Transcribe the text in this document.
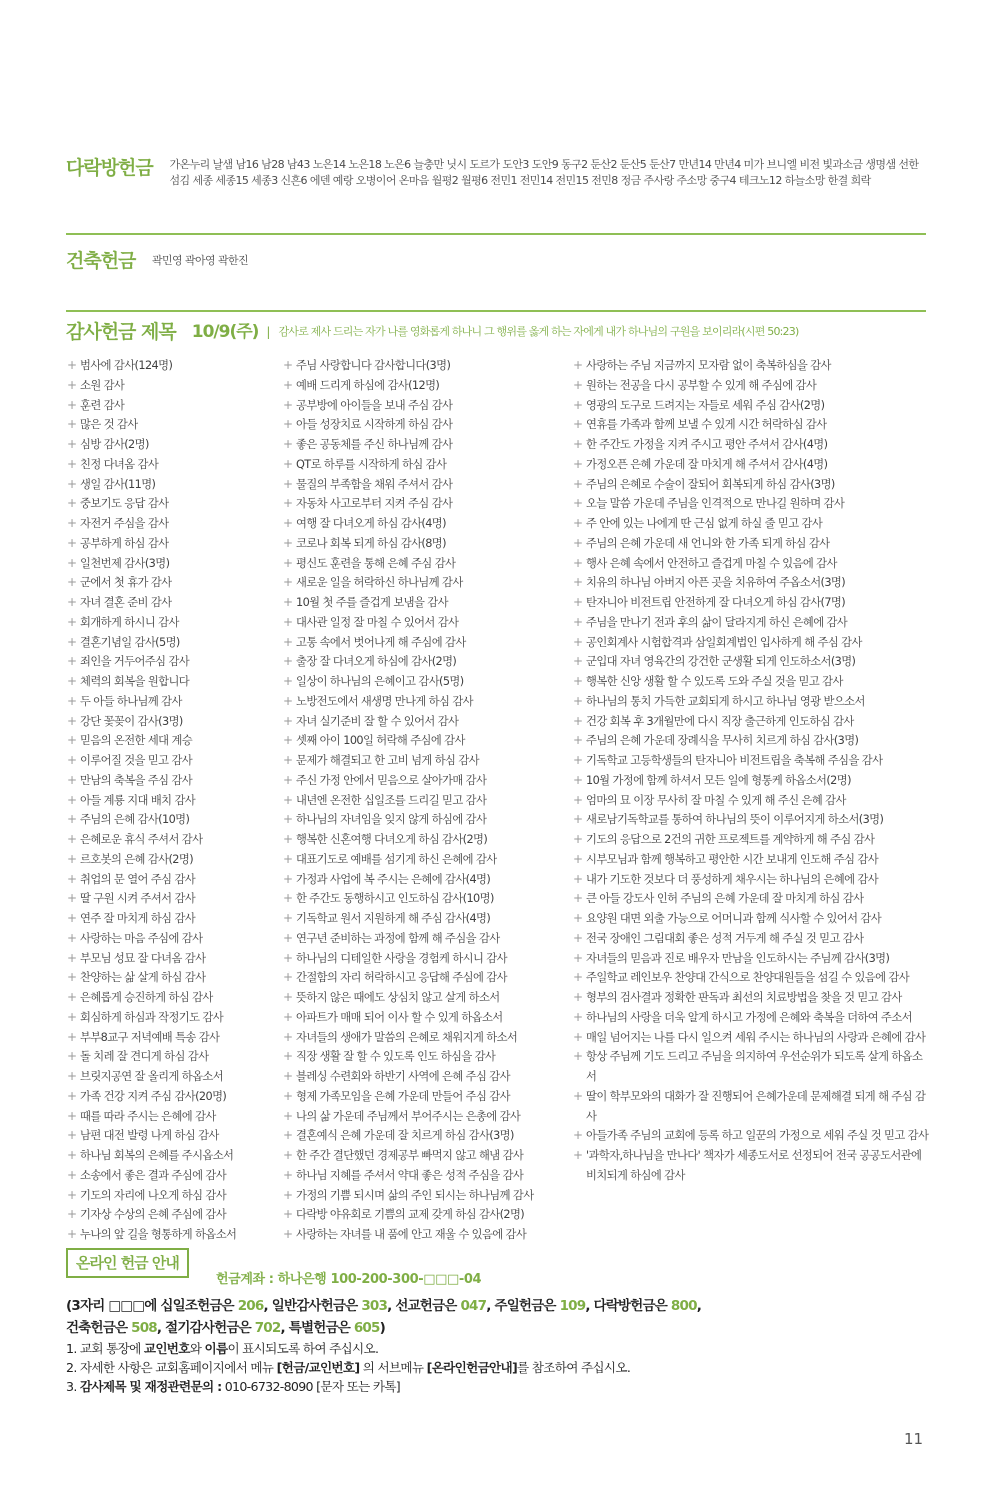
다락방헌금	가온누리 날샘 남16 남28 남43 노은14 노은18 노은6 늘충만 닛시 도르가 도안3 도안9 동구2 둔산2 둔산5 둔산7 만년14 만년4 미가 브니엘 비전 빛과소금 생명샘 선한 섬김 세종 세종15 세종3 신흔6 에덴 예랑 오병이어 온마음 월평2 월평6 전민1 전민14 전민15 전민8 정금 주사랑 주소망 중구4 테크노12 하늘소망 한결 희락
건축헌금	곽민영 곽아영 곽한진
감사헌금 제목 10/9(주) | 감사로 제사 드리는 자가 나를 영화롭게 하나니 그 행위를 옳게 하는 자에게 내가 하나님의 구원을 보이리라(시편 50:23)
+ 범사에 감사(124명)
+ 소원 감사
+ 훈련 감사
+ 많은 것 감사
+ 심방 감사(2명)
+ 친정 다녀옴 감사
+ 생일 감사(11명)
+ 중보기도 응답 감사
+ 자전거 주심을 감사
+ 공부하게 하심 감사
+ 일천번제 감사(3명)
+ 군에서 첫 휴가 감사
+ 자녀 결혼 준비 감사
+ 회개하게 하시니 감사
+ 결혼기념일 감사(5명)
+ 죄인을 거두어주심 감사
+ 체력의 회복을 원합니다
+ 두 아들 하나님께 감사
+ 강단 꽃꽂이 감사(3명)
+ 믿음의 온전한 세대 계승
+ 이루어질 것을 믿고 감사
+ 만남의 축복을 주심 감사
+ 아들 계룡 지대 배치 감사
+ 주님의 은혜 감사(10명)
+ 은혜로운 휴식 주셔서 감사
+ 르호봇의 은혜 감사(2명)
+ 취업의 문 열어 주심 감사
+ 딸 구원 시켜 주셔서 감사
+ 연주 잘 마치게 하심 감사
+ 사랑하는 마음 주심에 감사
+ 부모님 성묘 잘 다녀옴 감사
+ 찬양하는 삶 살게 하심 감사
+ 은혜롭게 승진하게 하심 감사
+ 회심하게 하심과 작정기도 감사
+ 부부8교구 저녁예배 특송 감사
+ 돌 치레 잘 견디게 하심 감사
+ 브릿지공연 잘 올리게 하옵소서
+ 가족 건강 지켜 주심 감사(20명)
+ 때를 따라 주시는 은혜에 감사
+ 남편 대전 발령 나게 하심 감사
+ 하나님 회복의 은혜를 주시옵소서
+ 소송에서 좋은 결과 주심에 감사
+ 기도의 자리에 나오게 하심 감사
+ 기자상 수상의 은혜 주심에 감사
+ 누나의 앞 길을 형통하게 하옵소서
+ 주님 사랑합니다 감사합니다(3명)
+ 예배 드리게 하심에 감사(12명)
+ 공부방에 아이들을 보내 주심 감사
+ 아들 성장치료 시작하게 하심 감사
+ 좋은 공동체를 주신 하나님께 감사
+ QT로 하루를 시작하게 하심 감사
+ 물질의 부족함을 채워 주셔서 감사
+ 자동차 사고로부터 지켜 주심 감사
+ 여행 잘 다녀오게 하심 감사(4명)
+ 코로나 회복 되게 하심 감사(8명)
+ 평신도 훈련을 통해 은혜 주심 감사
+ 새로운 일을 허락하신 하나님께 감사
+ 10월 첫 주를 즐겁게 보냄을 감사
+ 대사관 일정 잘 마칠 수 있어서 감사
+ 고통 속에서 벗어나게 해 주심에 감사
+ 출장 잘 다녀오게 하심에 감사(2명)
+ 일상이 하나님의 은혜이고 감사(5명)
+ 노방전도에서 새생명 만나게 하심 감사
+ 자녀 실기준비 잘 할 수 있어서 감사
+ 셋째 아이 100일 허락해 주심에 감사
+ 문제가 해결되고 한 고비 넘게 하심 감사
+ 주신 가정 안에서 믿음으로 살아가매 감사
+ 내년엔 온전한 십일조를 드리길 믿고 감사
+ 하나님의 자녀임을 잊지 않게 하심에 감사
+ 행복한 신혼여행 다녀오게 하심 감사(2명)
+ 대표기도로 예배를 섬기게 하신 은혜에 감사
+ 가정과 사업에 복 주시는 은혜에 감사(4명)
+ 한 주간도 동행하시고 인도하심 감사(10명)
+ 기독학교 원서 지원하게 해 주심 감사(4명)
+ 연구년 준비하는 과정에 함께 해 주심을 감사
+ 하나님의 디테일한 사랑을 경험케 하시니 감사
+ 간절함의 자리 허락하시고 응답해 주심에 감사
+ 뜻하지 않은 때에도 상심치 않고 살게 하소서
+ 아파트가 매매 되어 이사 할 수 있게 하옵소서
+ 자녀들의 생애가 말씀의 은혜로 채워지게 하소서
+ 직장 생활 잘 할 수 있도록 인도 하심을 감사
+ 블레싱 수련회와 하반기 사역에 은혜 주심 감사
+ 형제 가족모임을 은혜 가운데 만들어 주심 감사
+ 나의 삶 가운데 주님께서 부어주시는 은총에 감사
+ 결혼예식 은혜 가운데 잘 치르게 하심 감사(3명)
+ 한 주간 결단했던 경제공부 빠먹지 않고 해냄 감사
+ 하나님 지혜를 주셔서 약대 좋은 성적 주심을 감사
+ 가정의 기쁨 되시며 삶의 주인 되시는 하나님께 감사
+ 다락방 야유회로 기쁨의 교제 갖게 하심 감사(2명)
+ 사랑하는 자녀를 내 품에 안고 재울 수 있음에 감사
+ 사랑하는 주님 지금까지 모자람 없이 축복하심을 감사
+ 원하는 전공을 다시 공부할 수 있게 해 주심에 감사
+ 영광의 도구로 드려지는 자들로 세워 주심 감사(2명)
+ 연휴를 가족과 함께 보낼 수 있게 시간 허락하심 감사
+ 한 주간도 가정을 지켜 주시고 평안 주셔서 감사(4명)
+ 가정오픈 은혜 가운데 잘 마치게 해 주셔서 감사(4명)
+ 주님의 은혜로 수술이 잘되어 회복되게 하심 감사(3명)
+ 오늘 말씀 가운데 주님을 인격적으로 만나길 원하며 감사
+ 주 안에 있는 나에게 딴 근심 없게 하실 줄 믿고 감사
+ 주님의 은혜 가운데 새 언니와 한 가족 되게 하심 감사
+ 행사 은혜 속에서 안전하고 즐겁게 마칠 수 있음에 감사
+ 치유의 하나님 아버지 아픈 곳을 치유하여 주옵소서(3명)
+ 탄자니아 비전트립 안전하게 잘 다녀오게 하심 감사(7명)
+ 주님을 만나기 전과 후의 삶이 달라지게 하신 은혜에 감사
+ 공인회계사 시험합격과 삼일회계법인 입사하게 해 주심 감사
+ 군입대 자녀 영육간의 강건한 군생활 되게 인도하소서(3명)
+ 행복한 신앙 생활 할 수 있도록 도와 주실 것을 믿고 감사
+ 하나님의 통치 가득한 교회되게 하시고 하나님 영광 받으소서
+ 건강 회복 후 3개월만에 다시 직장 출근하게 인도하심 감사
+ 주님의 은혜 가운데 장례식을 무사히 치르게 하심 감사(3명)
+ 기독학교 고등학생들의 탄자니아 비전트립을 축복해 주심을 감사
+ 10월 가정에 함께 하셔서 모든 일에 형통케 하옵소서(2명)
+ 엄마의 묘 이장 무사히 잘 마칠 수 있게 해 주신 은혜 감사
+ 새로남기독학교를 통하여 하나님의 뜻이 이루어지게 하소서(3명)
+ 기도의 응답으로 2건의 귀한 프로젝트를 계약하게 해 주심 감사
+ 시부모님과 함께 행복하고 평안한 시간 보내게 인도해 주심 감사
+ 내가 기도한 것보다 더 풍성하게 채우시는 하나님의 은혜에 감사
+ 큰 아들 강도사 인허 주님의 은혜 가운데 잘 마치게 하심 감사
+ 요양원 대면 외출 가능으로 어머니과 함께 식사할 수 있어서 감사
+ 전국 장애인 그림대회 좋은 성적 거두게 해 주실 것 믿고 감사
+ 자녀들의 믿음과 진로 배우자 만남을 인도하시는 주님께 감사(3명)
+ 주일학교 레인보우 찬양대 간식으로 찬양대원들을 섬길 수 있음에 감사
+ 형부의 검사결과 정확한 판독과 최선의 치료방법을 찾을 것 믿고 감사
+ 하나님의 사랑을 더욱 알게 하시고 가정에 은혜와 축복을 더하여 주소서
+ 매일 넘어지는 나를 다시 일으켜 세워 주시는 하나님의 사랑과 은혜에 감사
+ 항상 주님께 기도 드리고 주님을 의지하여 우선순위가 되도록 살게 하옵소서
+ 딸이 학부모와의 대화가 잘 진행되어 은혜가운데 문제해결 되게 해 주심 감사
+ 아들가족 주님의 교회에 등록 하고 일꾼의 가정으로 세워 주실 것 믿고 감사
+ '과학자,하나님을 만나다' 책자가 세종도서로 선정되어 전국 공공도서관에 비치되게 하심에 감사
온라인 헌금 안내
헌금계좌 : 하나은행 100-200-300-□□□-04
(3자리 □□□에 십일조헌금은 206, 일반감사헌금은 303, 선교헌금은 047, 주일헌금은 109, 다락방헌금은 800,
건축헌금은 508, 절기감사헌금은 702, 특별헌금은 605)
1. 교회 통장에 교인번호와 이름이 표시되도록 하여 주십시오.
2. 자세한 사항은 교회홈페이지에서 메뉴 [헌금/교인번호] 의 서브메뉴 [온라인헌금안내]를 참조하여 주십시오.
3. 감사제목 및 재정관련문의 : 010-6732-8090 [문자 또는 카톡]
11
